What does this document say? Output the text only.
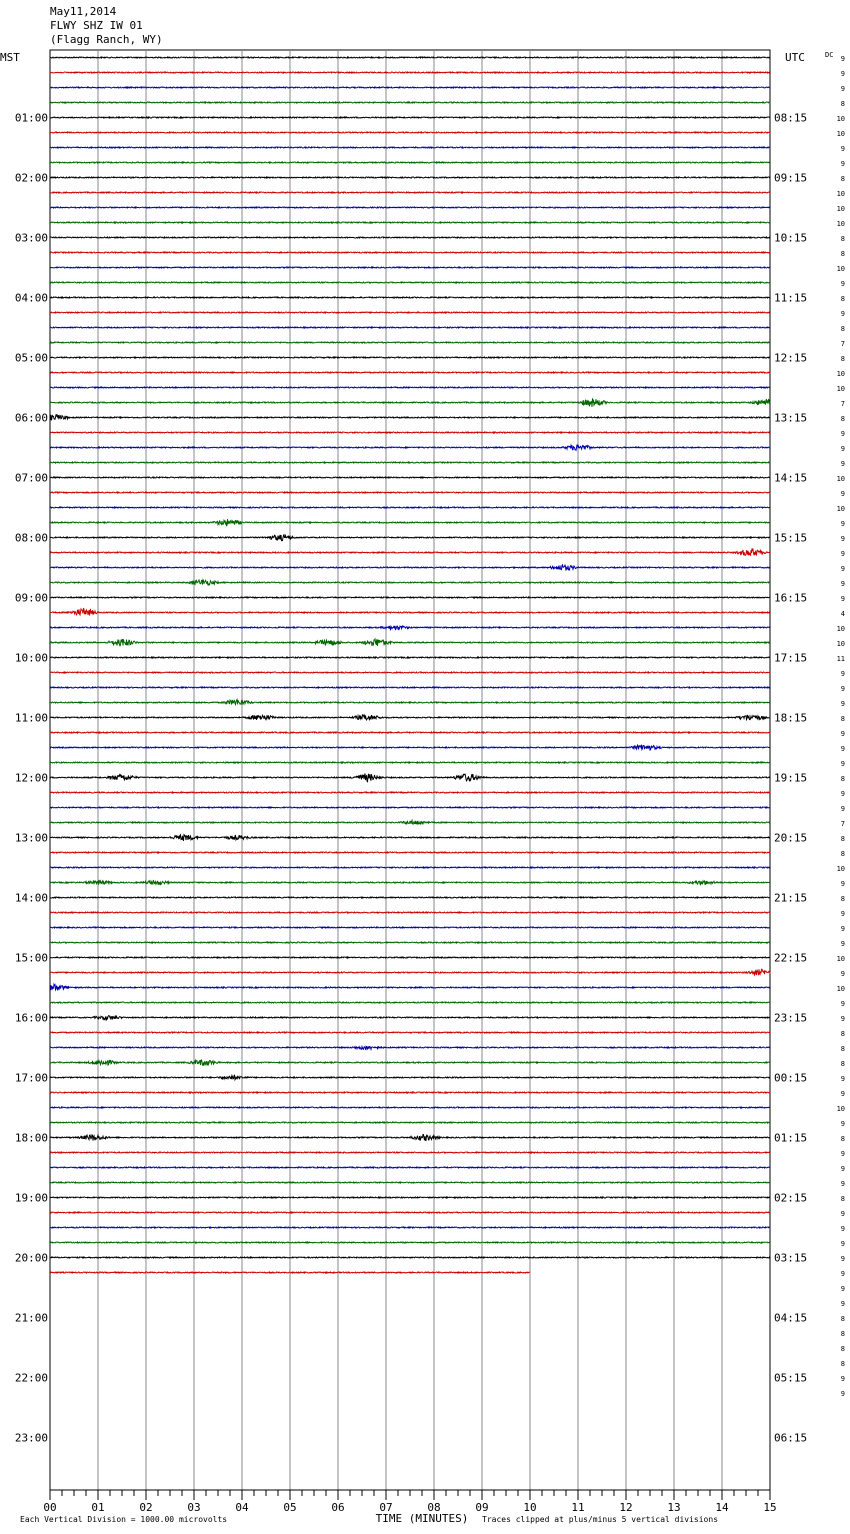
May11,2014
FLWY SHZ IW 01
(Flagg Ranch, WY)
Each Vertical Division = 1000.00 microvolts	Traces clipped at plus/minus 5 vertical divisions
00	01	02	03	04	05	06	07	08	09	10	11	12	13	14	15
TIME (MINUTES)
MST	UTC	DC
01:00
02:00
03:00
04:00
05:00
06:00
07:00
08:00
09:00
10:00
11:00
12:00
13:00
14:00
15:00
16:00
17:00
18:00
19:00
20:00
21:00
22:00
23:00
08:15
09:15
10:15
11:15
12:15
13:15
14:15
15:15
16:15
17:15
18:15
19:15
20:15
21:15
22:15
23:15
00:15
01:15
02:15
03:15
04:15
05:15
06:15
9
9
9
8
10
10
9
9
8
10
10
10
8
8
10
9
8
9
8
7
8
10
10
7
8
9
9
9
10
9
10
9
9
9
9
9
9
4
10
10
11
9
9
9
8
9
9
9
8
9
9
7
8
8
10
9
8
9
9
9
10
9
10
9
9
8
8
8
9
9
10
9
8
9
9
9
8
9
9
9
9
9
9
9
8
8
8
8
9
9
